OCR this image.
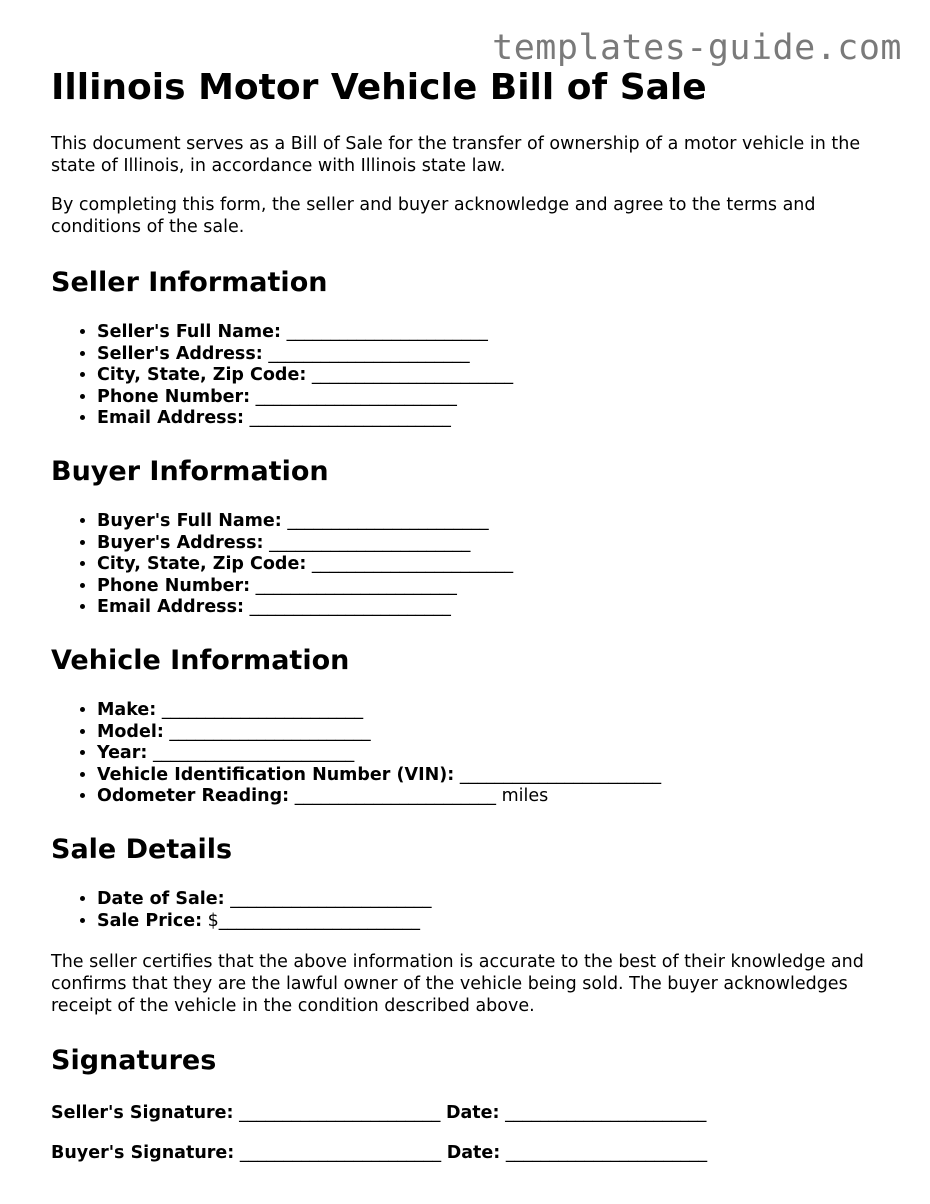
templates-guide.com
Illinois Motor Vehicle Bill of Sale

This document serves as a Bill of Sale for the transfer of ownership of a motor vehicle in the state of Illinois, in accordance with Illinois state law.

By completing this form, the seller and buyer acknowledge and agree to the terms and conditions of the sale.

Seller Information
• Seller's Full Name: _______________________
• Seller's Address: _______________________
• City, State, Zip Code: _______________________
• Phone Number: _______________________
• Email Address: _______________________
Buyer Information
• Buyer's Full Name: _______________________
• Buyer's Address: _______________________
• City, State, Zip Code: _______________________
• Phone Number: _______________________
• Email Address: _______________________
Vehicle Information
• Make: _______________________
• Model: _______________________
• Year: _______________________
• Vehicle Identification Number (VIN): _______________________
• Odometer Reading: _______________________ miles
Sale Details
• Date of Sale: _______________________
• Sale Price: $_______________________

The seller certifies that the above information is accurate to the best of their knowledge and confirms that they are the lawful owner of the vehicle being sold. The buyer acknowledges receipt of the vehicle in the condition described above.

Signatures
Seller's Signature: _______________________ Date: _______________________
Buyer's Signature: _______________________ Date: _______________________
